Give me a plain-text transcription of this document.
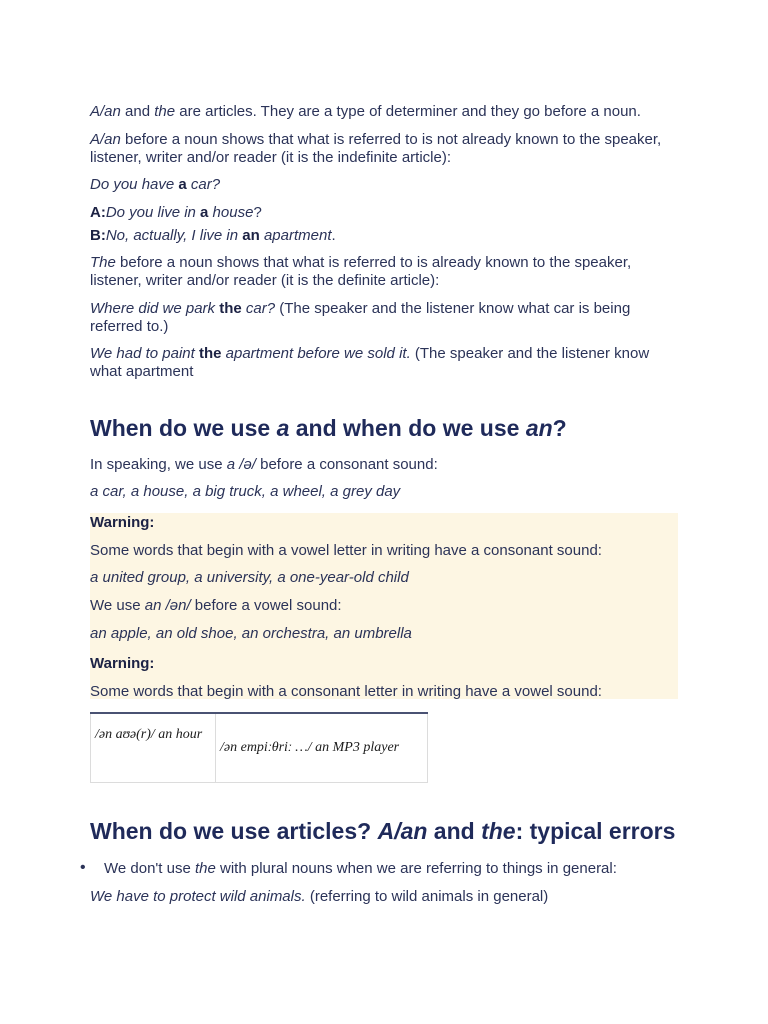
A/an and the are articles. They are a type of determiner and they go before a noun.

A/an before a noun shows that what is referred to is not already known to the speaker, listener, writer and/or reader (it is the indefinite article):

Do you have a car?

A:Do you live in a house?

B:No, actually, I live in an apartment.

The before a noun shows that what is referred to is already known to the speaker, listener, writer and/or reader (it is the definite article):

Where did we park the car? (The speaker and the listener know what car is being referred to.)

We had to paint the apartment before we sold it. (The speaker and the listener know what apartment

When do we use a and when do we use an?

In speaking, we use a /ə/ before a consonant sound:

a car, a house, a big truck, a wheel, a grey day

Warning:

Some words that begin with a vowel letter in writing have a consonant sound:

a united group, a university, a one-year-old child

We use an /ən/ before a vowel sound:

an apple, an old shoe, an orchestra, an umbrella

Warning:

Some words that begin with a consonant letter in writing have a vowel sound:

/ən aʊə(r)/ an hour	/ən empiːθriː …/ an MP3 player
When do we use articles? A/an and the: typical errors
• We don't use the with plural nouns when we are referring to things in general:

We have to protect wild animals. (referring to wild animals in general)
